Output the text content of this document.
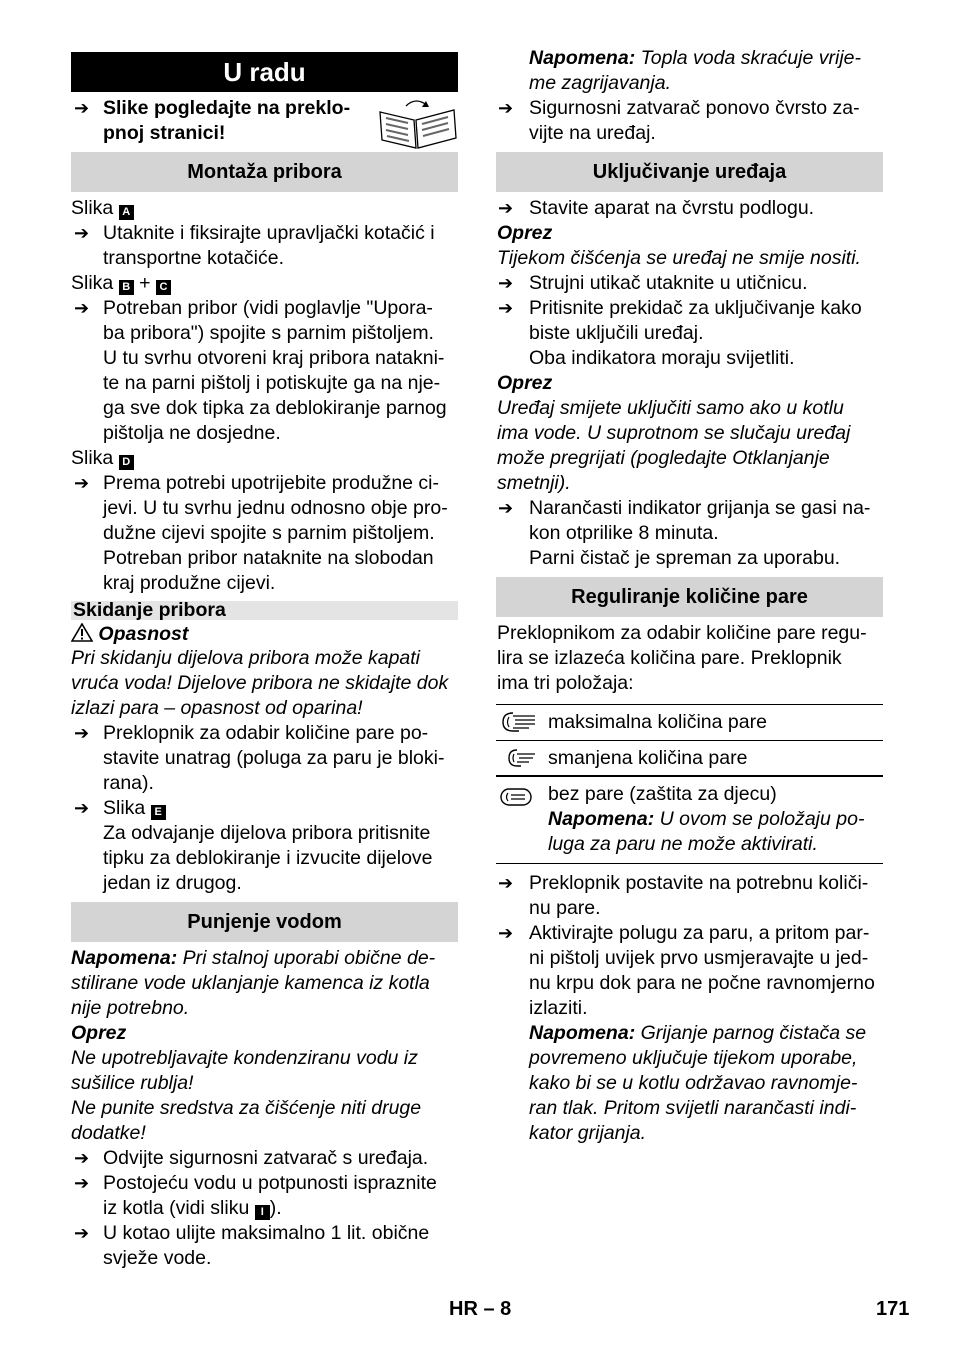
U radu
➔ Slike pogledajte na preklo-
pnoj stranici!
Montaža pribora
Slika A
➔ Utaknite i fiksirajte upravljački kotačić i
transportne kotačiće.
Slika B + C
➔ Potreban pribor (vidi poglavlje "Upora-
ba pribora") spojite s parnim pištoljem.
U tu svrhu otvoreni kraj pribora natakni-
te na parni pištolj i potiskujte ga na nje-
ga sve dok tipka za deblokiranje parnog
pištolja ne dosjedne.
Slika D
➔ Prema potrebi upotrijebite produžne ci-
jevi. U tu svrhu jednu odnosno obje pro-
dužne cijevi spojite s parnim pištoljem.
Potreban pribor nataknite na slobodan
kraj produžne cijevi.
Skidanje pribora
Opasnost
Pri skidanju dijelova pribora može kapati
vruća voda! Dijelove pribora ne skidajte dok
izlazi para – opasnost od oparina!
➔ Preklopnik za odabir količine pare po-
stavite unatrag (poluga za paru je bloki-
rana).
➔ Slika E
Za odvajanje dijelova pribora pritisnite
tipku za deblokiranje i izvucite dijelove
jedan iz drugog.
Punjenje vodom
Napomena: Pri stalnoj uporabi obične de-
stilirane vode uklanjanje kamenca iz kotla
nije potrebno.
Oprez
Ne upotrebljavajte kondenziranu vodu iz
sušilice rublja!
Ne punite sredstva za čišćenje niti druge
dodatke!
➔ Odvijte sigurnosni zatvarač s uređaja.
➔ Postojeću vodu u potpunosti ispraznite
iz kotla (vidi sliku I ).
➔ U kotao ulijte maksimalno 1 lit. obične
svježe vode.
Napomena: Topla voda skraćuje vrije-
me zagrijavanja.
➔ Sigurnosni zatvarač ponovo čvrsto za-
vijte na uređaj.
Uključivanje uređaja
➔ Stavite aparat na čvrstu podlogu.
Oprez
Tijekom čišćenja se uređaj ne smije nositi.
➔ Strujni utikač utaknite u utičnicu.
➔ Pritisnite prekidač za uključivanje kako
biste uključili uređaj.
Oba indikatora moraju svijetliti.
Oprez
Uređaj smijete uključiti samo ako u kotlu
ima vode. U suprotnom se slučaju uređaj
može pregrijati (pogledajte Otklanjanje
smetnji).
➔ Narančasti indikator grijanja se gasi na-
kon otprilike 8 minuta.
Parni čistač je spreman za uporabu.
Reguliranje količine pare
Preklopnikom za odabir količine pare regu-
lira se izlazeća količina pare. Preklopnik
ima tri položaja:
maksimalna količina pare
smanjena količina pare
bez pare (zaštita za djecu)
Napomena: U ovom se položaju po-
luga za paru ne može aktivirati.
➔ Preklopnik postavite na potrebnu količi-
nu pare.
➔ Aktivirajte polugu za paru, a pritom par-
ni pištolj uvijek prvo usmjeravajte u jed-
nu krpu dok para ne počne ravnomjerno
izlaziti.
Napomena: Grijanje parnog čistača se
povremeno uključuje tijekom uporabe,
kako bi se u kotlu održavao ravnomje-
ran tlak. Pritom svijetli narančasti indi-
kator grijanja.
HR – 8	171
